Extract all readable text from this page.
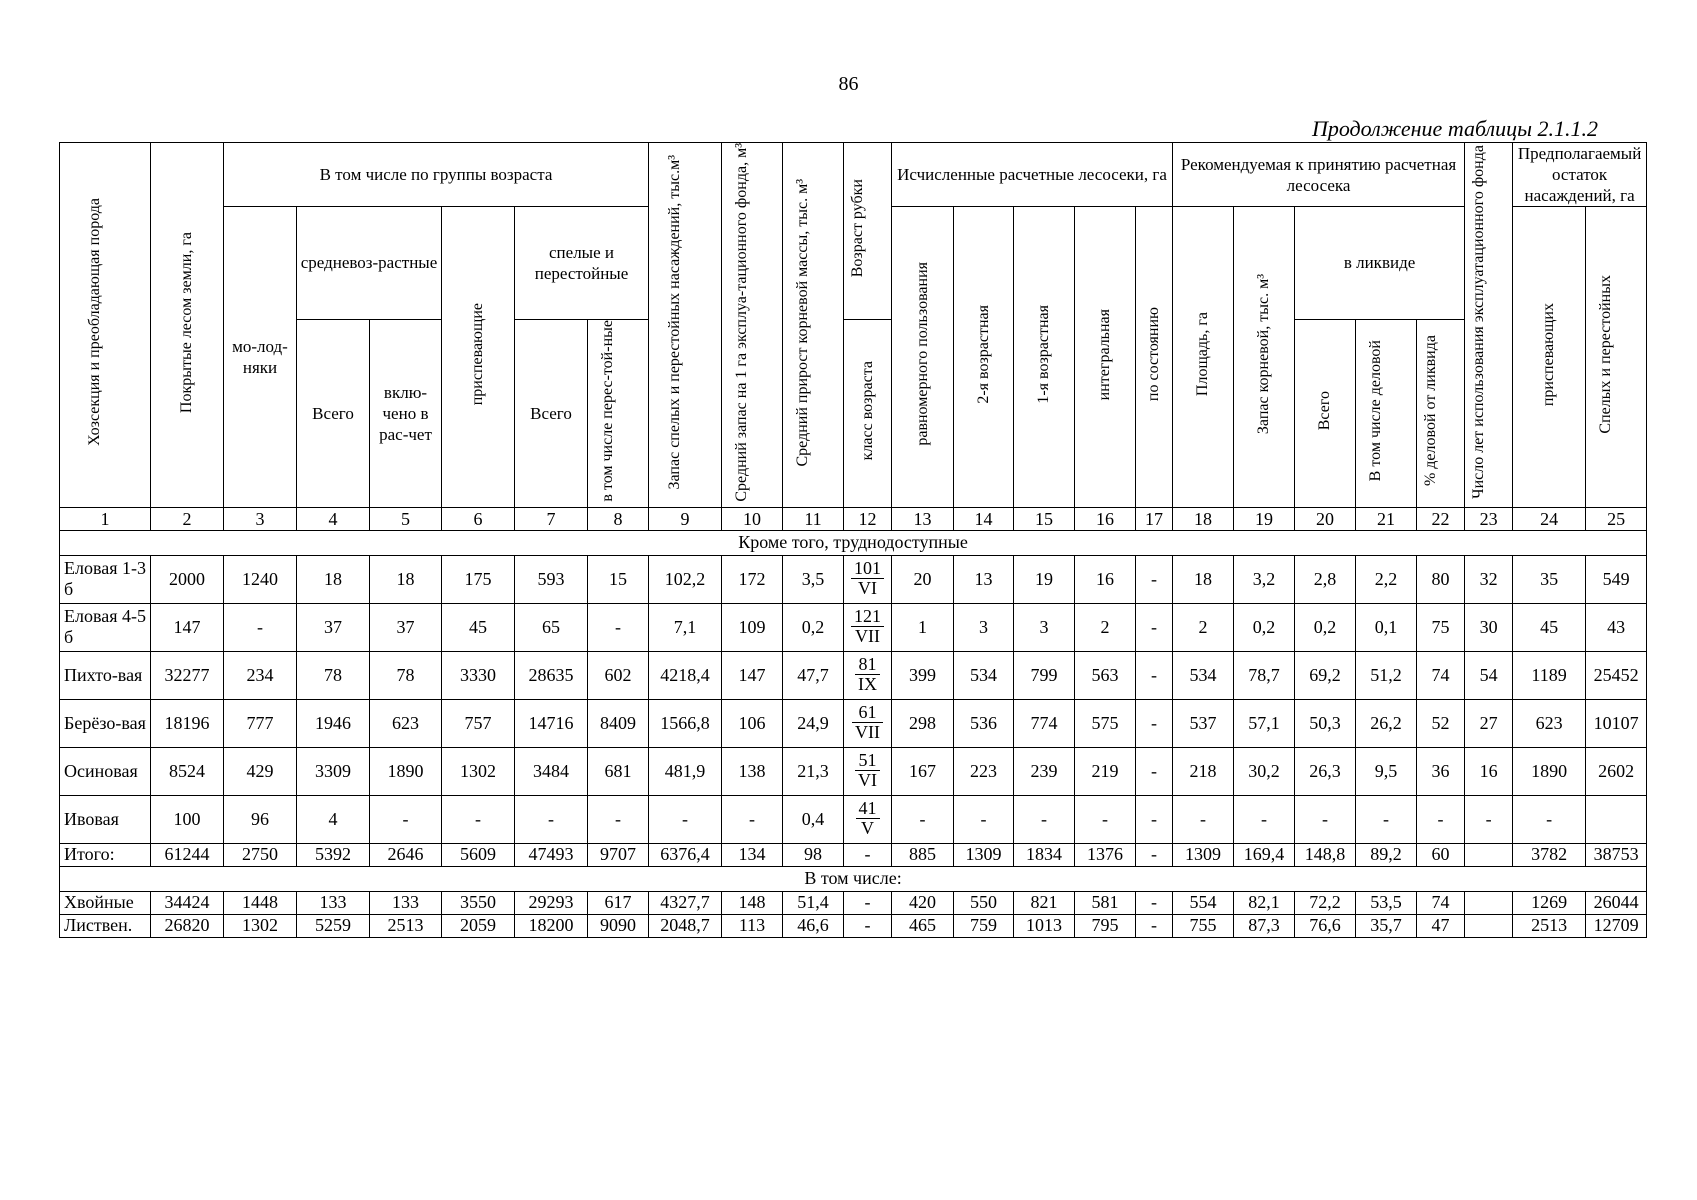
86
Продолжение таблицы 2.1.1.2
Хозсекция и преобладающая порода	Покрытые лесом земли, га	В том числе по группы возраста						Запас спелых и перестойных насаждений, тыс.м³	Средний запас на 1 га эксплуа-тационного фонда, м³	Средний прирост корневой массы, тыс. м³	Возраст рубки	Исчисленные расчетные лесосеки, га					Рекомендуемая к принятию расчетная лесосека					Число лет использования эксплуатационного фонда	Предполагаемый остаток насаждений, га	
		мо-лод-няки	средневоз-растные		приспевающие	спелые и перестойные						равномерного пользования	2-я возрастная	1-я возрастная	интегральная	по состоянию	Площадь, га	Запас корневой, тыс. м³	в ликвиде				приспевающих	Спелых и перестойных
			Всего	вклю-чено в рас-чет		Всего	в том числе перес-той-ные				класс возраста								Всего	В том числе деловой	% деловой от ликвида			
1	2	3	4	5	6	7	8	9	10	11	12	13	14	15	16	17	18	19	20	21	22	23	24	25
Кроме того, труднодоступные																								
Еловая 1-3 б	2000	1240	18	18	175	593	15	102,2	172	3,5	$\frac{101}{VI}$	20	13	19	16	-	18	3,2	2,8	2,2	80	32	35	549
Еловая 4-5 б	147	-	37	37	45	65	-	7,1	109	0,2	$\frac{121}{\text{VII}}$	1	3	3	2	-	2	0,2	0,2	0,1	75	30	45	43
Пихто-вая	32277	234	78	78	3330	28635	602	4218,4	147	47,7	$\frac{81}{IX}$	399	534	799	563	-	534	78,7	69,2	51,2	74	54	1189	25452
Берёзо-вая	18196	777	1946	623	757	14716	8409	1566,8	106	24,9	$\frac{61}{\text{VII}}$	298	536	774	575	-	537	57,1	50,3	26,2	52	27	623	10107
Осиновая	8524	429	3309	1890	1302	3484	681	481,9	138	21,3	$\frac{51}{VI}$	167	223	239	219	-	218	30,2	26,3	9,5	36	16	1890	2602
Ивовая	100	96	4	-	-	-	-	-	-	0,4	$\frac{41}{V}$	-	-	-	-	-	-	-	-	-	-	-	-	
Итого:	61244	2750	5392	2646	5609	47493	9707	6376,4	134	98	-	885	1309	1834	1376	-	1309	169,4	148,8	89,2	60		3782	38753
В том числе:																								
Хвойные	34424	1448	133	133	3550	29293	617	4327,7	148	51,4	-	420	550	821	581	-	554	82,1	72,2	53,5	74		1269	26044
Листвен.	26820	1302	5259	2513	2059	18200	9090	2048,7	113	46,6	-	465	759	1013	795	-	755	87,3	76,6	35,7	47		2513	12709
